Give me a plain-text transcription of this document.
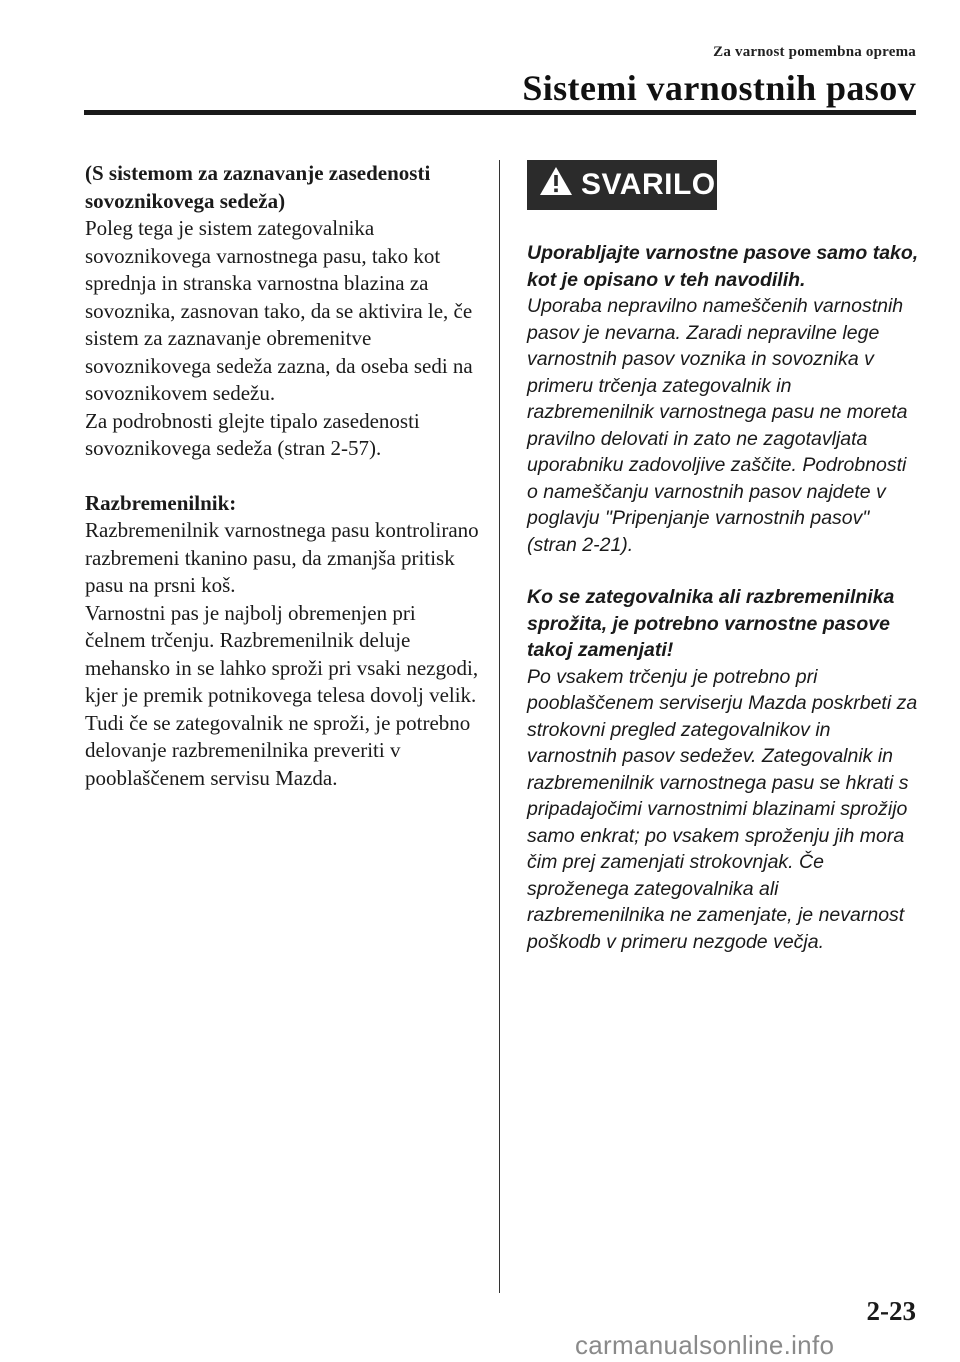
Za varnost pomembna oprema
Sistemi varnostnih pasov

(S sistemom za zaznavanje zasedenosti sovoznikovega sedeža)

Poleg tega je sistem zategovalnika sovoznikovega varnostnega pasu, tako kot sprednja in stranska varnostna blazina za sovoznika, zasnovan tako, da se aktivira le, če sistem za zaznavanje obremenitve sovoznikovega sedeža zazna, da oseba sedi na sovoznikovem sedežu.

Za podrobnosti glejte tipalo zasedenosti sovoznikovega sedeža (stran 2-57).

Razbremenilnik:

Razbremenilnik varnostnega pasu kontrolirano razbremeni tkanino pasu, da zmanjša pritisk pasu na prsni koš.

Varnostni pas je najbolj obremenjen pri čelnem trčenju. Razbremenilnik deluje mehansko in se lahko sproži pri vsaki nezgodi, kjer je premik potnikovega telesa dovolj velik.

Tudi če se zategovalnik ne sproži, je potrebno delovanje razbremenilnika preveriti v pooblaščenem servisu Mazda.

SVARILO

Uporabljajte varnostne pasove samo tako, kot je opisano v teh navodilih.

Uporaba nepravilno nameščenih varnostnih pasov je nevarna. Zaradi nepravilne lege varnostnih pasov voznika in sovoznika v primeru trčenja zategovalnik in razbremenilnik varnostnega pasu ne moreta pravilno delovati in zato ne zagotavljata uporabniku zadovoljive zaščite. Podrobnosti o nameščanju varnostnih pasov najdete v poglavju "Pripenjanje varnostnih pasov" (stran 2-21).

Ko se zategovalnika ali razbremenilnika sprožita, je potrebno varnostne pasove takoj zamenjati!

Po vsakem trčenju je potrebno pri pooblaščenem serviserju Mazda poskrbeti za strokovni pregled zategovalnikov in varnostnih pasov sedežev. Zategovalnik in razbremenilnik varnostnega pasu se hkrati s pripadajočimi varnostnimi blazinami sprožijo samo enkrat; po vsakem sproženju jih mora čim prej zamenjati strokovnjak. Če sproženega zategovalnika ali razbremenilnika ne zamenjate, je nevarnost poškodb v primeru nezgode večja.

2-23
carmanualsonline.info
